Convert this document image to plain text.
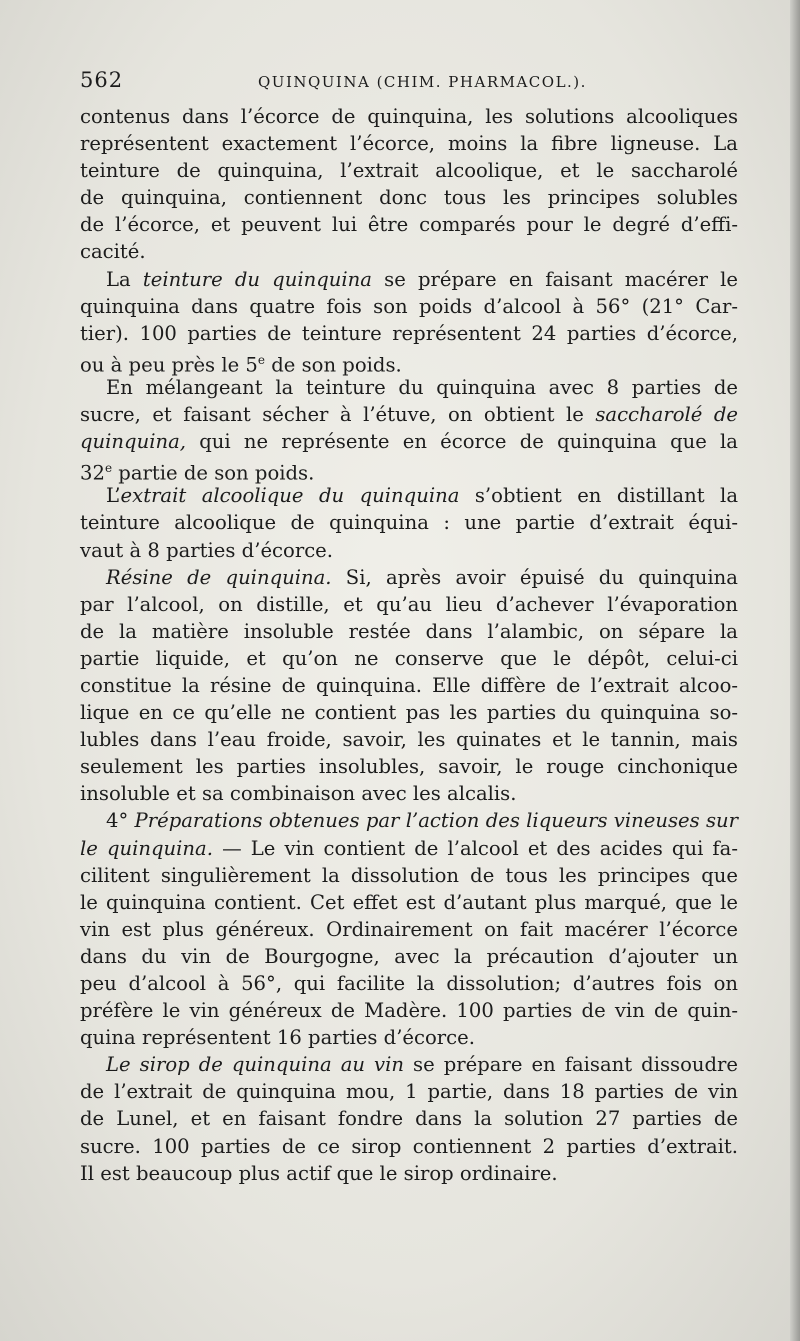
562	QUINQUINA (CHIM. PHARMACOL.).
contenus dans l’écorce de quinquina, les solutions alcooliques
représentent exactement l’écorce, moins la fibre ligneuse. La
teinture de quinquina, l’extrait alcoolique, et le saccharolé
de quinquina, contiennent donc tous les principes solubles
de l’écorce, et peuvent lui être comparés pour le degré d’effi-
cacité.
La teinture du quinquina se prépare en faisant macérer le
quinquina dans quatre fois son poids d’alcool à 56° (21° Car-
tier). 100 parties de teinture représentent 24 parties d’écorce,
ou à peu près le 5e de son poids.
En mélangeant la teinture du quinquina avec 8 parties de
sucre, et faisant sécher à l’étuve, on obtient le saccharolé de
quinquina, qui ne représente en écorce de quinquina que la
32e partie de son poids.
L’extrait alcoolique du quinquina s’obtient en distillant la
teinture alcoolique de quinquina : une partie d’extrait équi-
vaut à 8 parties d’écorce.
Résine de quinquina. Si, après avoir épuisé du quinquina
par l’alcool, on distille, et qu’au lieu d’achever l’évaporation
de la matière insoluble restée dans l’alambic, on sépare la
partie liquide, et qu’on ne conserve que le dépôt, celui-ci
constitue la résine de quinquina. Elle diffère de l’extrait alcoo-
lique en ce qu’elle ne contient pas les parties du quinquina so-
lubles dans l’eau froide, savoir, les quinates et le tannin, mais
seulement les parties insolubles, savoir, le rouge cinchonique
insoluble et sa combinaison avec les alcalis.
4° Préparations obtenues par l’action des liqueurs vineuses sur
le quinquina. — Le vin contient de l’alcool et des acides qui fa-
cilitent singulièrement la dissolution de tous les principes que
le quinquina contient. Cet effet est d’autant plus marqué, que le
vin est plus généreux. Ordinairement on fait macérer l’écorce
dans du vin de Bourgogne, avec la précaution d’ajouter un
peu d’alcool à 56°, qui facilite la dissolution; d’autres fois on
préfère le vin généreux de Madère. 100 parties de vin de quin-
quina représentent 16 parties d’écorce.
Le sirop de quinquina au vin se prépare en faisant dissoudre
de l’extrait de quinquina mou, 1 partie, dans 18 parties de vin
de Lunel, et en faisant fondre dans la solution 27 parties de
sucre. 100 parties de ce sirop contiennent 2 parties d’extrait.
Il est beaucoup plus actif que le sirop ordinaire.
